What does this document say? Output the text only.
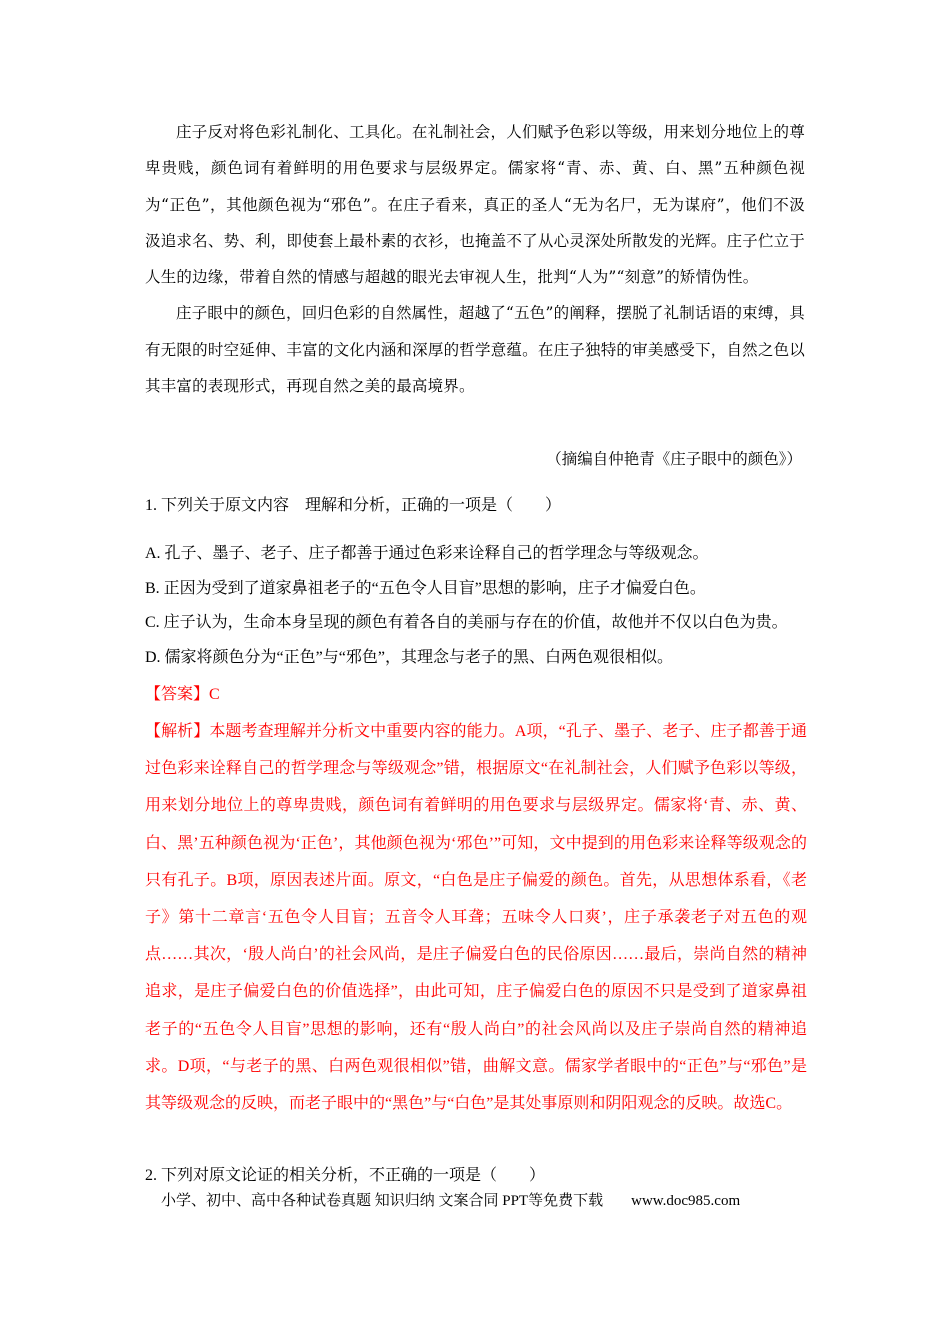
庄子反对将色彩礼制化、工具化。在礼制社会，人们赋予色彩以等级，用来划分地位上的尊卑贵贱，颜色词有着鲜明的用色要求与层级界定。儒家将“青、赤、黄、白、黑”五种颜色视为“正色”，其他颜色视为“邪色”。在庄子看来，真正的圣人“无为名尸，无为谋府”，他们不汲汲追求名、势、利，即使套上最朴素的衣衫，也掩盖不了从心灵深处所散发的光辉。庄子伫立于人生的边缘，带着自然的情感与超越的眼光去审视人生，批判“人为”“刻意”的矫情伪性。

庄子眼中的颜色，回归色彩的自然属性，超越了“五色”的阐释，摆脱了礼制话语的束缚，具有无限的时空延伸、丰富的文化内涵和深厚的哲学意蕴。在庄子独特的审美感受下，自然之色以其丰富的表现形式，再现自然之美的最高境界。

（摘编自仲艳青《庄子眼中的颜色》）
1. 下列关于原文内容　理解和分析，正确的一项是（　　）
A. 孔子、墨子、老子、庄子都善于通过色彩来诠释自己的哲学理念与等级观念。
B. 正因为受到了道家鼻祖老子的“五色令人目盲”思想的影响，庄子才偏爱白色。
C. 庄子认为，生命本身呈现的颜色有着各自的美丽与存在的价值，故他并不仅以白色为贵。
D. 儒家将颜色分为“正色”与“邪色”，其理念与老子的黑、白两色观很相似。
【答案】C
【解析】本题考查理解并分析文中重要内容的能力。A项，“孔子、墨子、老子、庄子都善于通过色彩来诠释自己的哲学理念与等级观念”错，根据原文“在礼制社会，人们赋予色彩以等级，用来划分地位上的尊卑贵贱，颜色词有着鲜明的用色要求与层级界定。儒家将‘青、赤、黄、白、黑’五种颜色视为‘正色’，其他颜色视为‘邪色’”可知，文中提到的用色彩来诠释等级观念的只有孔子。B项，原因表述片面。原文，“白色是庄子偏爱的颜色。首先，从思想体系看，《老子》第十二章言‘五色令人目盲；五音令人耳聋；五味令人口爽’，庄子承袭老子对五色的观点……其次，‘殷人尚白’的社会风尚，是庄子偏爱白色的民俗原因……最后，崇尚自然的精神追求，是庄子偏爱白色的价值选择”，由此可知，庄子偏爱白色的原因不只是受到了道家鼻祖老子的“五色令人目盲”思想的影响，还有“殷人尚白”的社会风尚以及庄子崇尚自然的精神追求。D项，“与老子的黑、白两色观很相似”错，曲解文意。儒家学者眼中的“正色”与“邪色”是其等级观念的反映，而老子眼中的“黑色”与“白色”是其处事原则和阴阳观念的反映。故选C。
2. 下列对原文论证的相关分析，不正确的一项是（　　）
小学、初中、高中各种试卷真题 知识归纳 文案合同 PPT等免费下载 www.doc985.com
